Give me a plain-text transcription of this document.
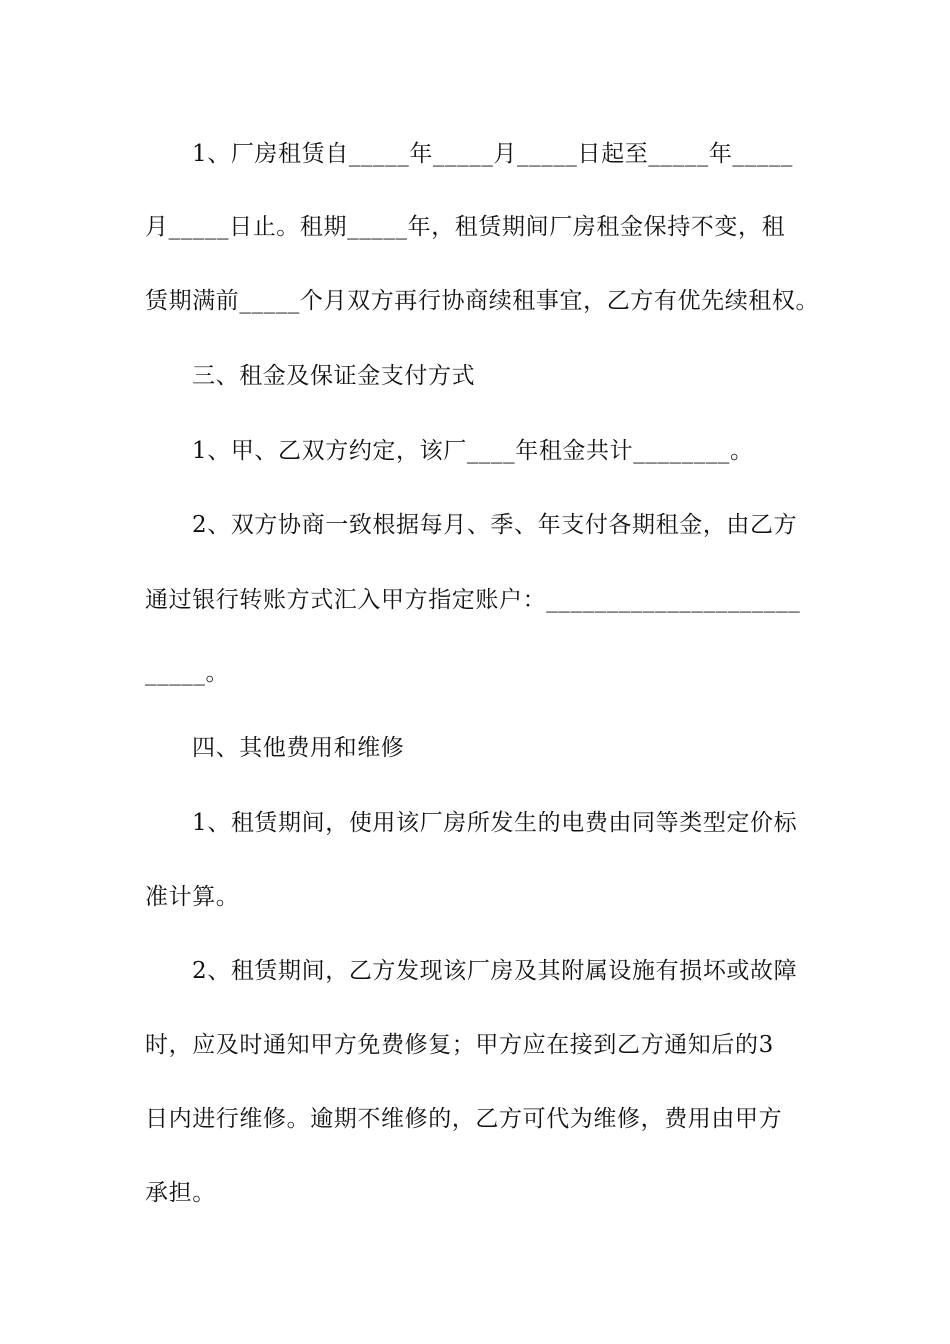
1、厂房租赁自_____年_____月_____日起至_____年_____
月_____日止。租期_____年，租赁期间厂房租金保持不变，租
赁期满前_____个月双方再行协商续租事宜，乙方有优先续租权。
三、租金及保证金支付方式
1、甲、乙双方约定，该厂____年租金共计________。
2、双方协商一致根据每月、季、年支付各期租金，由乙方
通过银行转账方式汇入甲方指定账户：_____________________
_____。
四、其他费用和维修
1、租赁期间，使用该厂房所发生的电费由同等类型定价标
准计算。
2、租赁期间，乙方发现该厂房及其附属设施有损坏或故障
时，应及时通知甲方免费修复；甲方应在接到乙方通知后的3
日内进行维修。逾期不维修的，乙方可代为维修，费用由甲方
承担。
